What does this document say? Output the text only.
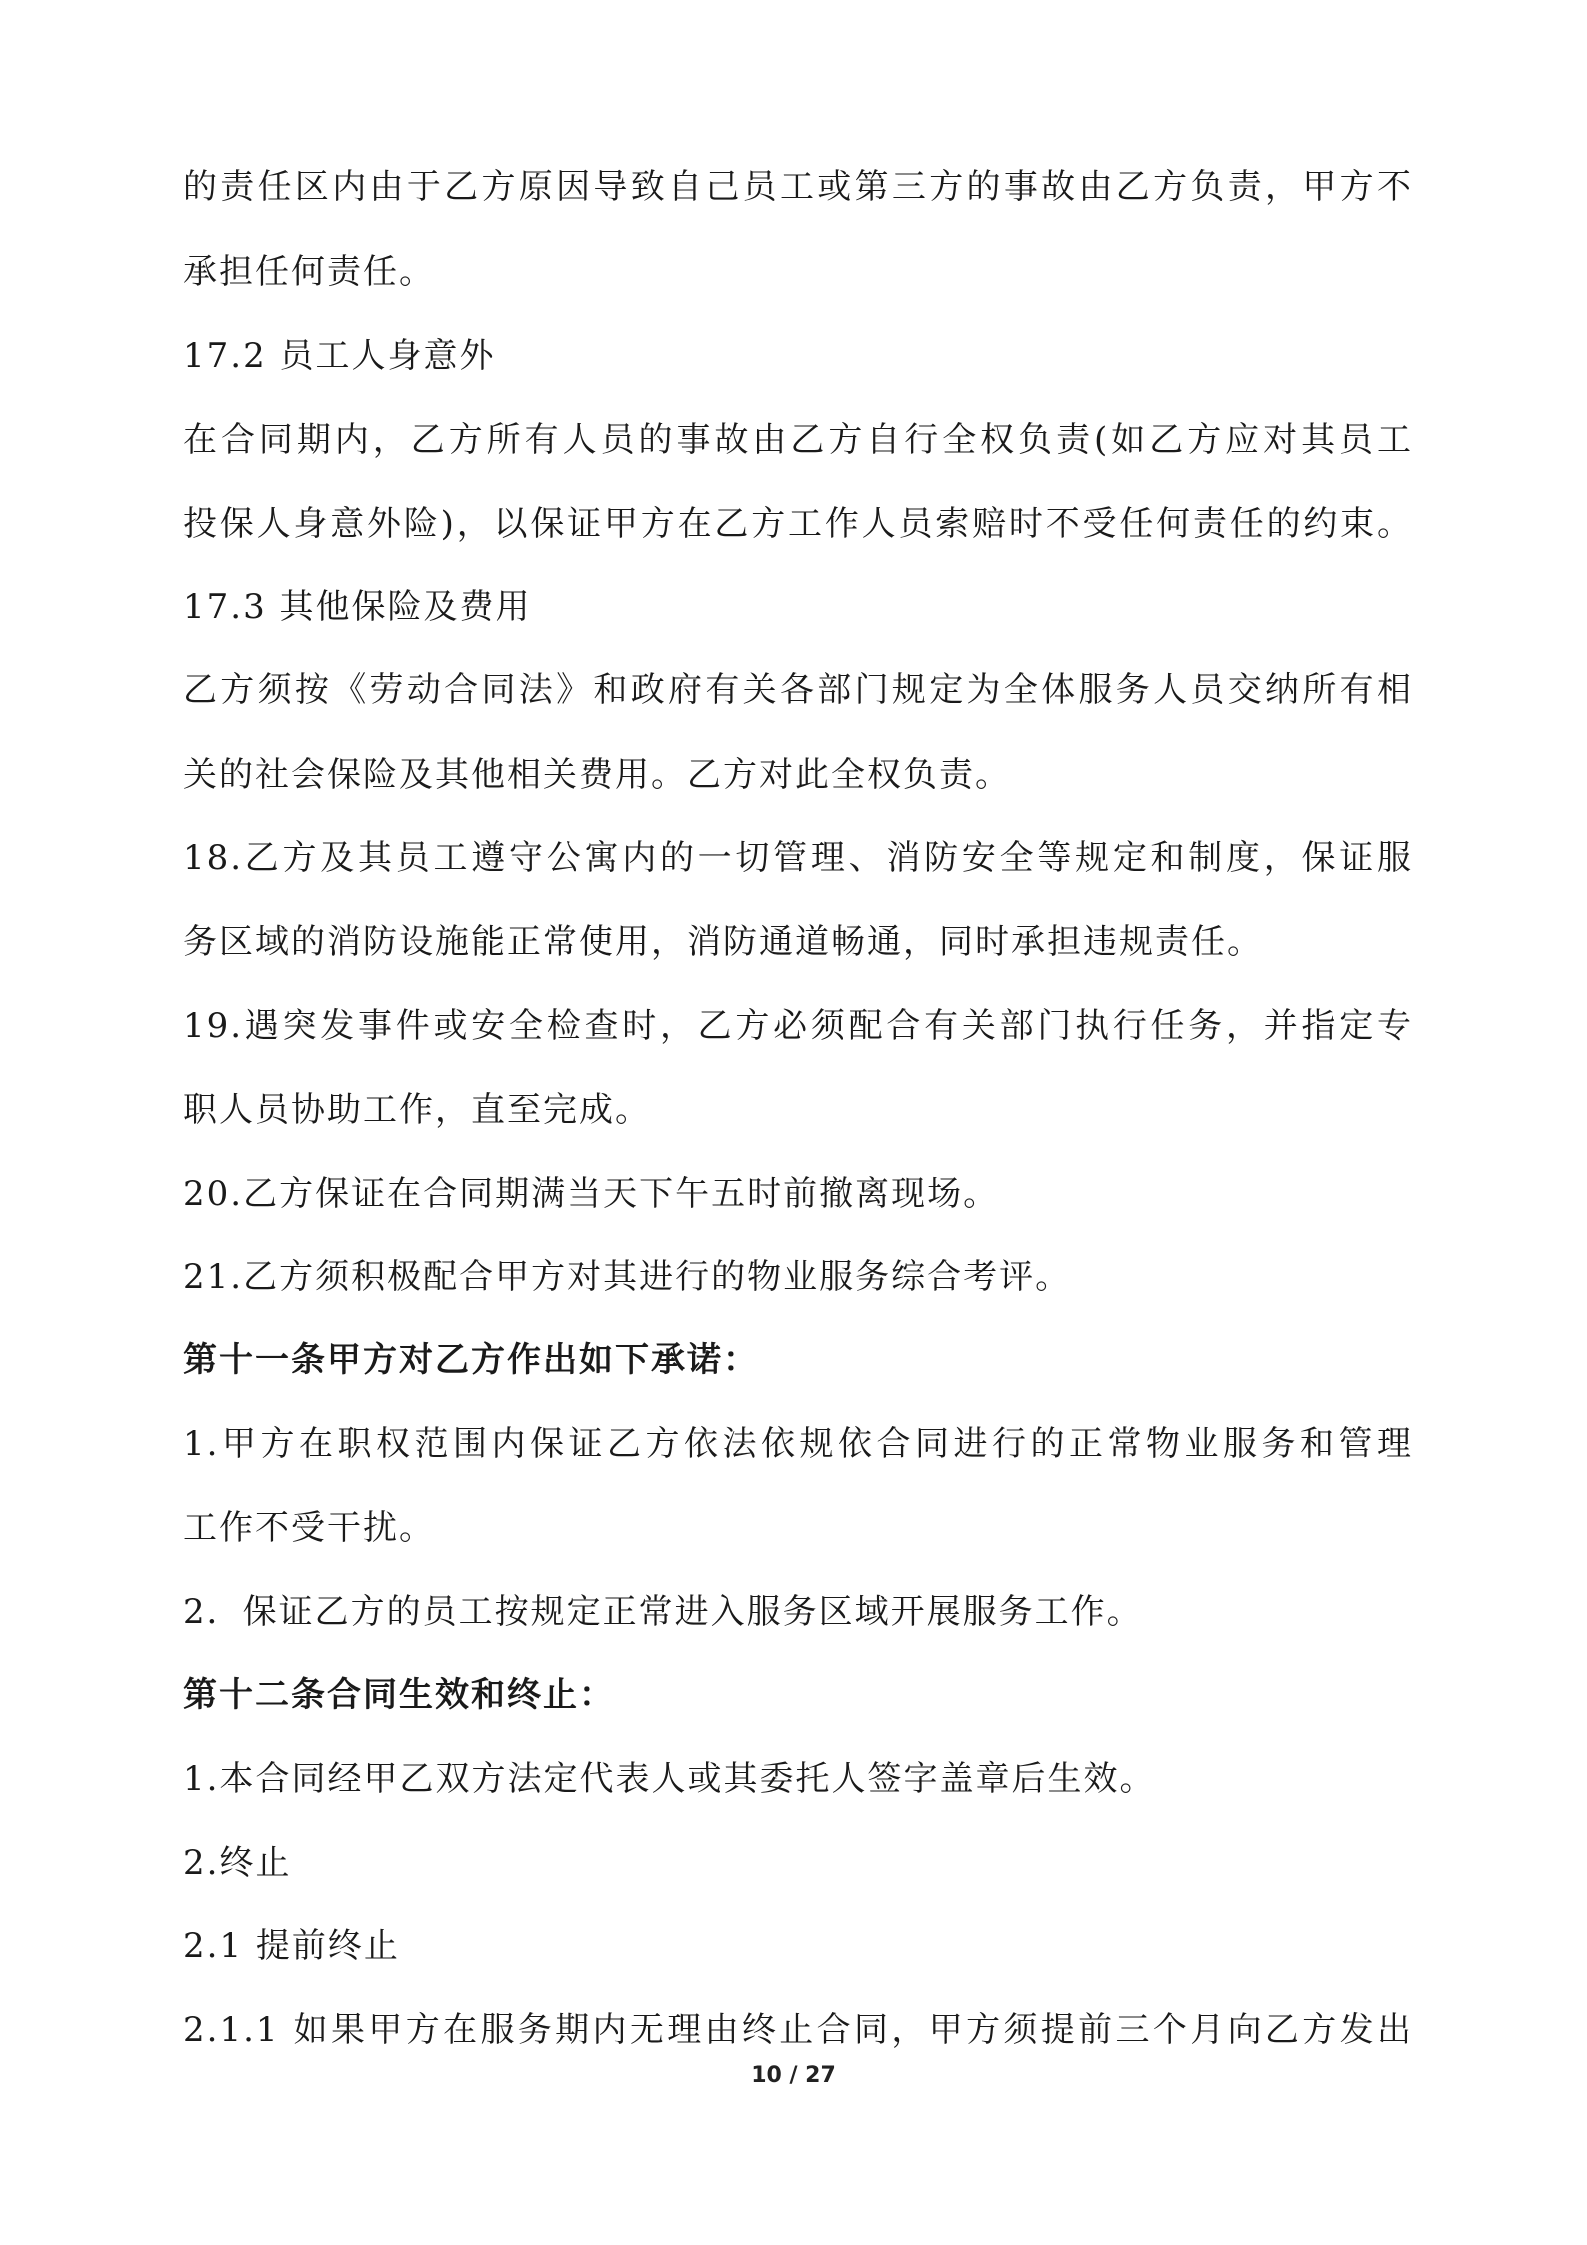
的责任区内由于乙方原因导致自己员工或第三方的事故由乙方负责，甲方不
承担任何责任。
17.2 员工人身意外
在合同期内，乙方所有人员的事故由乙方自行全权负责(如乙方应对其员工
投保人身意外险)，以保证甲方在乙方工作人员索赔时不受任何责任的约束。
17.3 其他保险及费用
乙方须按《劳动合同法》和政府有关各部门规定为全体服务人员交纳所有相
关的社会保险及其他相关费用。乙方对此全权负责。
18.乙方及其员工遵守公寓内的一切管理、消防安全等规定和制度，保证服
务区域的消防设施能正常使用，消防通道畅通，同时承担违规责任。
19.遇突发事件或安全检查时，乙方必须配合有关部门执行任务，并指定专
职人员协助工作，直至完成。
20.乙方保证在合同期满当天下午五时前撤离现场。
21.乙方须积极配合甲方对其进行的物业服务综合考评。
第十一条甲方对乙方作出如下承诺：
1.甲方在职权范围内保证乙方依法依规依合同进行的正常物业服务和管理
工作不受干扰。
2．保证乙方的员工按规定正常进入服务区域开展服务工作。
第十二条合同生效和终止：
1.本合同经甲乙双方法定代表人或其委托人签字盖章后生效。
2.终止
2.1 提前终止
2.1.1 如果甲方在服务期内无理由终止合同，甲方须提前三个月向乙方发出
10 / 27
